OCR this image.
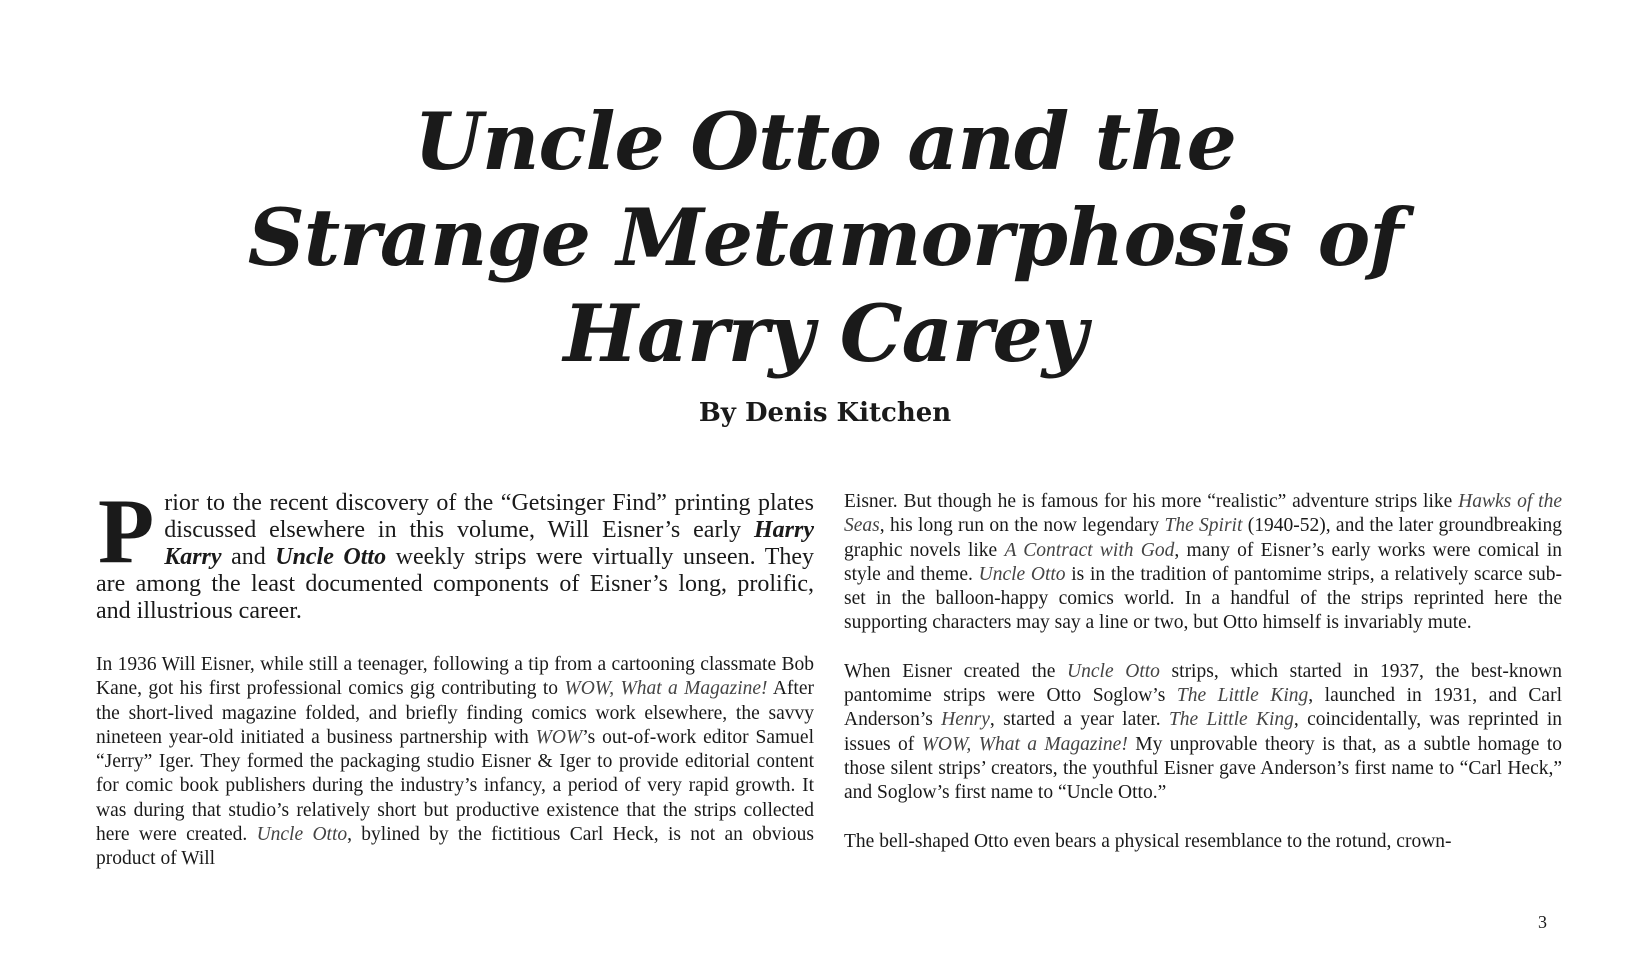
Uncle Otto and the
Strange Metamorphosis of
Harry Carey

By Denis Kitchen

Prior to the recent discovery of the “Getsinger Find” printing plates discussed elsewhere in this volume, Will Eisner’s early Harry Karry and Uncle Otto weekly strips were virtually unseen. They are among the least documented components of Eisner’s long, prolific, and illustrious career.

In 1936 Will Eisner, while still a teenager, following a tip from a cartooning classmate Bob Kane, got his first professional comics gig contributing to WOW, What a Magazine! After the short-lived magazine folded, and briefly finding comics work elsewhere, the savvy nineteen year-old initiated a business partnership with WOW’s out-of-work editor Samuel “Jerry” Iger. They formed the packaging studio Eisner & Iger to provide editorial content for comic book publishers during the industry’s infancy, a period of very rapid growth. It was during that studio’s relatively short but productive existence that the strips collected here were created. Uncle Otto, bylined by the fictitious Carl Heck, is not an obvious product of Will

Eisner. But though he is famous for his more “realistic” adventure strips like Hawks of the Seas, his long run on the now legendary The Spirit (1940-52), and the later groundbreaking graphic novels like A Contract with God, many of Eisner’s early works were comical in style and theme. Uncle Otto is in the tradition of pantomime strips, a relatively scarce sub-set in the balloon-happy comics world. In a handful of the strips reprinted here the supporting characters may say a line or two, but Otto himself is invariably mute.

When Eisner created the Uncle Otto strips, which started in 1937, the best-known pantomime strips were Otto Soglow’s The Little King, launched in 1931, and Carl Anderson’s Henry, started a year later. The Little King, coincidentally, was reprinted in issues of WOW, What a Magazine! My unprovable theory is that, as a subtle homage to those silent strips’ creators, the youthful Eisner gave Anderson’s first name to “Carl Heck,” and Soglow’s first name to “Uncle Otto.”

The bell-shaped Otto even bears a physical resemblance to the rotund, crown-

3
